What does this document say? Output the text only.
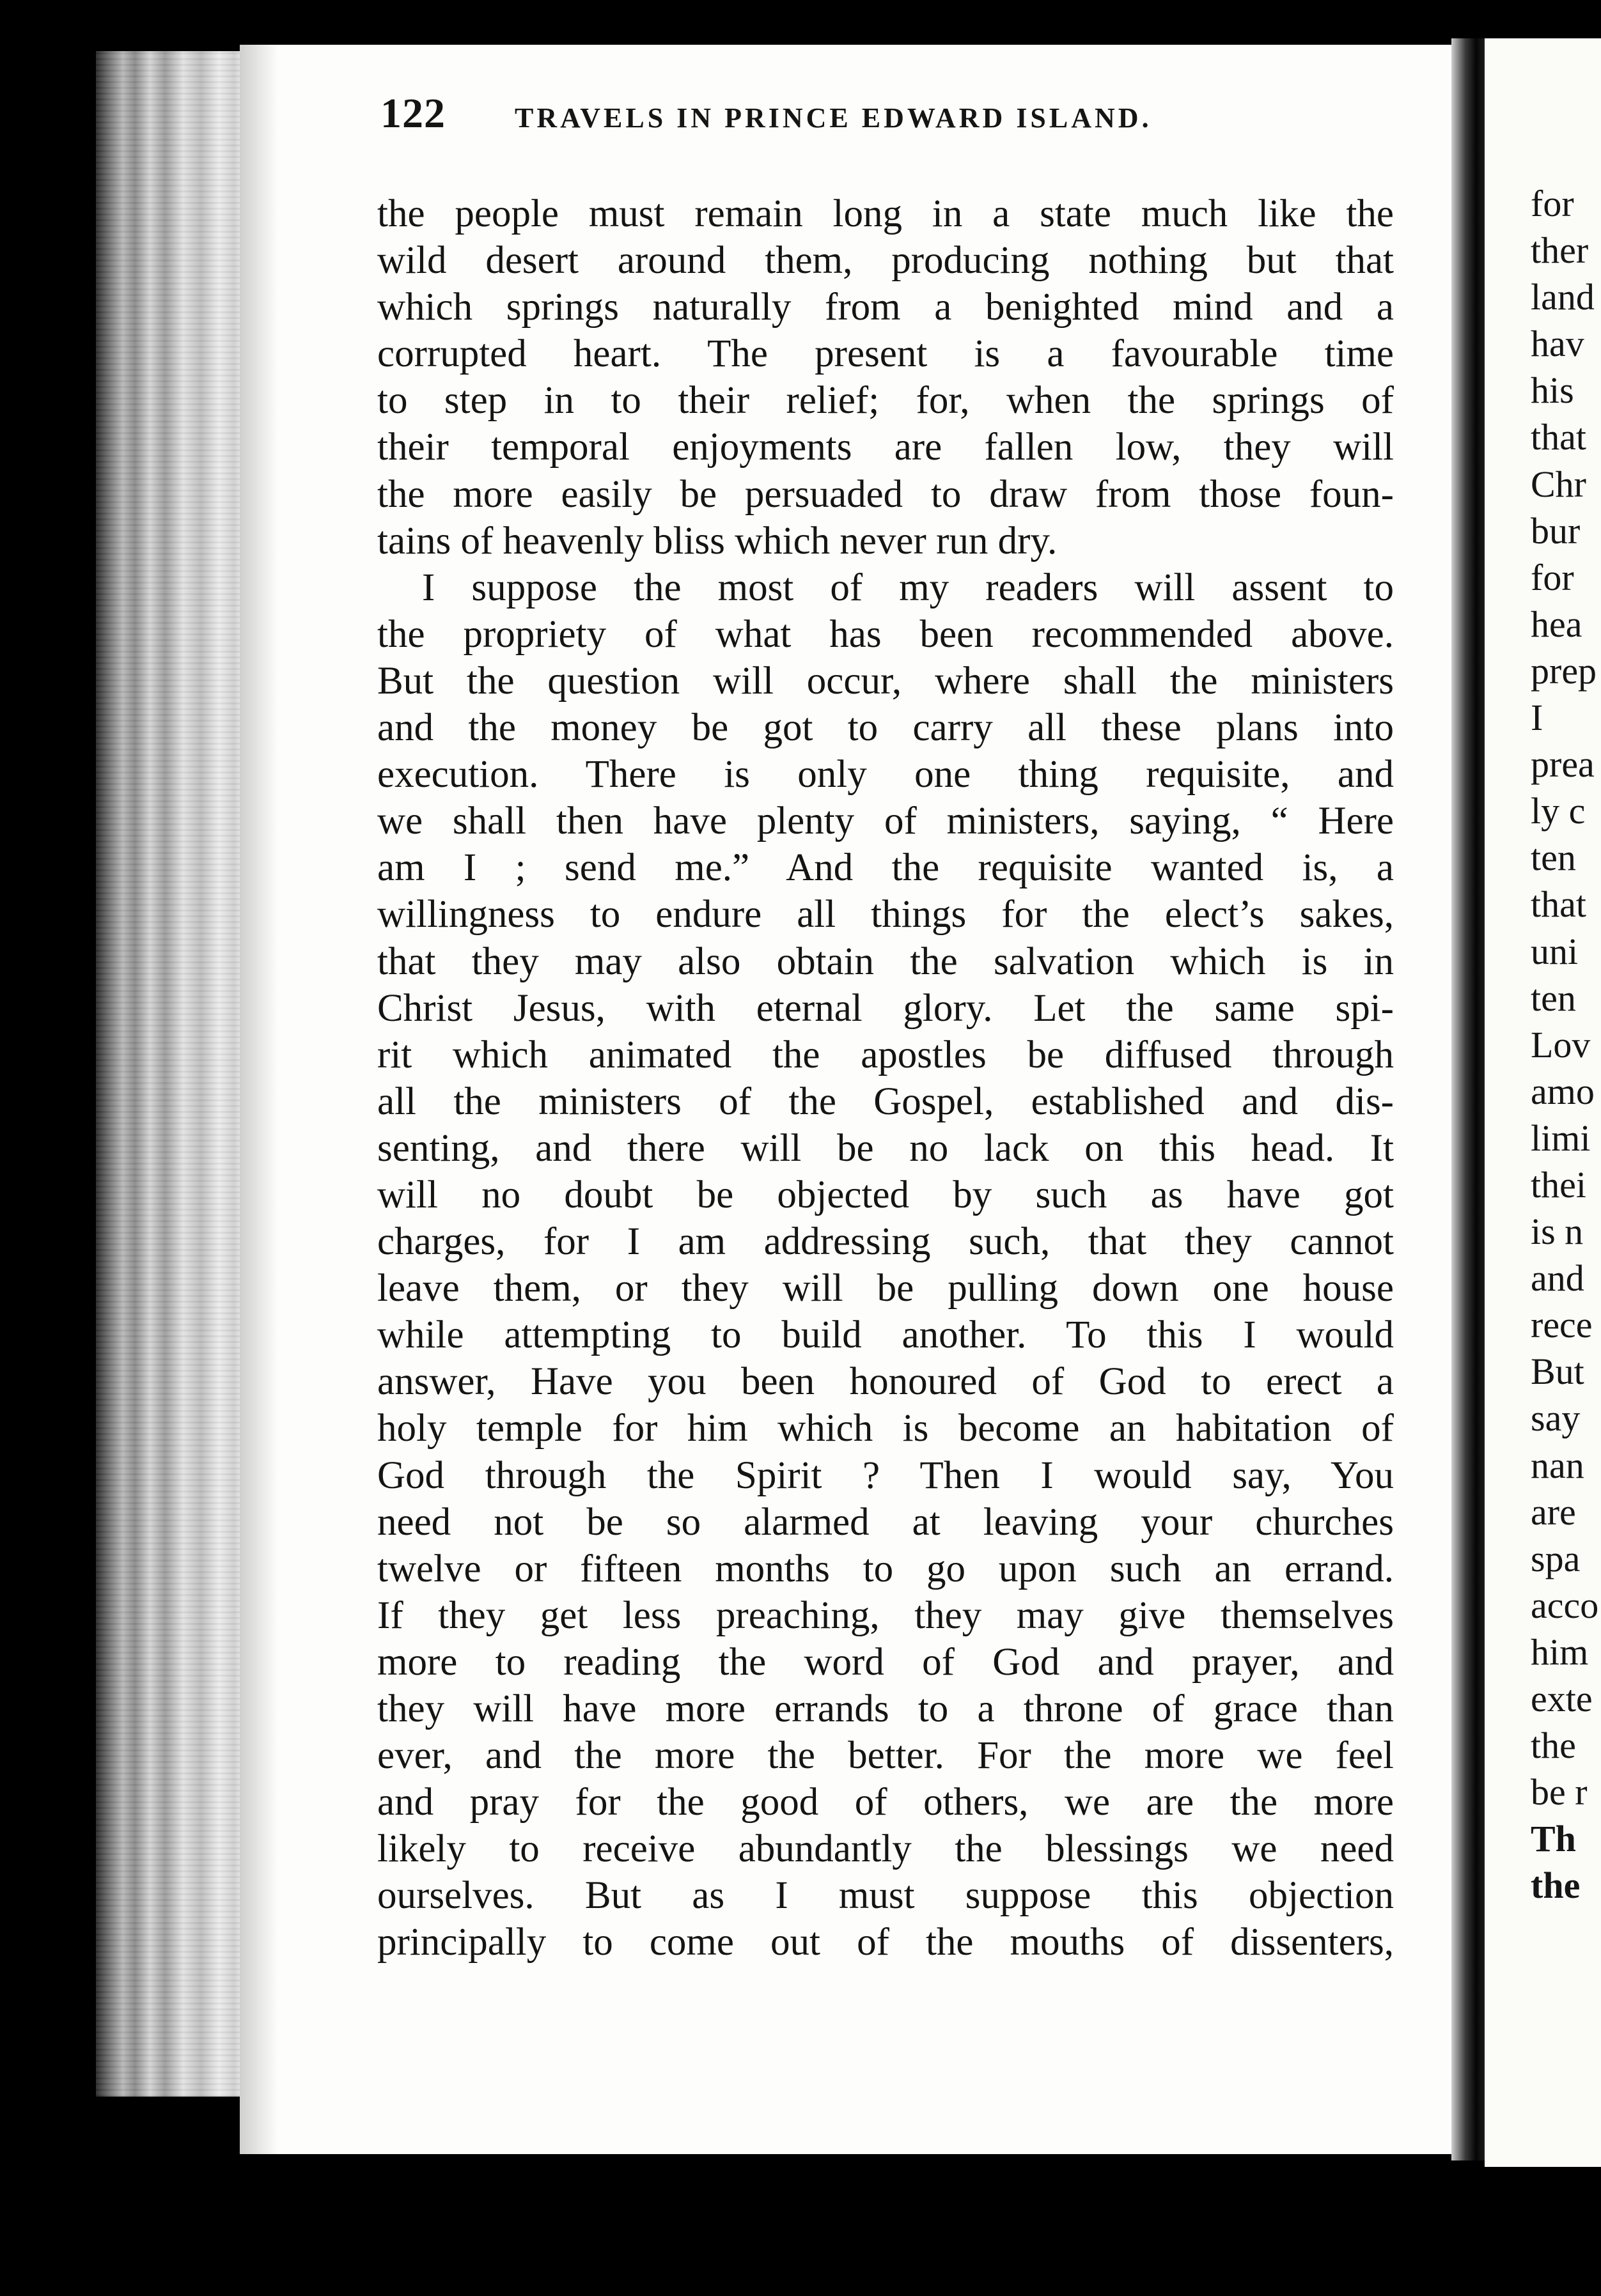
122 TRAVELS IN PRINCE EDWARD ISLAND.
the people must remain long in a state much like the
wild desert around them, producing nothing but that
which springs naturally from a benighted mind and a
corrupted heart. The present is a favourable time
to step in to their relief; for, when the springs of
their temporal enjoyments are fallen low, they will
the more easily be persuaded to draw from those foun-
tains of heavenly bliss which never run dry.
I suppose the most of my readers will assent to
the propriety of what has been recommended above.
But the question will occur, where shall the ministers
and the money be got to carry all these plans into
execution. There is only one thing requisite, and
we shall then have plenty of ministers, saying, “ Here
am I ; send me.” And the requisite wanted is, a
willingness to endure all things for the elect’s sakes,
that they may also obtain the salvation which is in
Christ Jesus, with eternal glory. Let the same spi-
rit which animated the apostles be diffused through
all the ministers of the Gospel, established and dis-
senting, and there will be no lack on this head. It
will no doubt be objected by such as have got
charges, for I am addressing such, that they cannot
leave them, or they will be pulling down one house
while attempting to build another. To this I would
answer, Have you been honoured of God to erect a
holy temple for him which is become an habitation of
God through the Spirit ? Then I would say, You
need not be so alarmed at leaving your churches
twelve or fifteen months to go upon such an errand.
If they get less preaching, they may give themselves
more to reading the word of God and prayer, and
they will have more errands to a throne of grace than
ever, and the more the better. For the more we feel
and pray for the good of others, we are the more
likely to receive abundantly the blessings we need
ourselves. But as I must suppose this objection
principally to come out of the mouths of dissenters,
for
ther
land
hav
his
that
Chr
bur
for
hea
prep
I
prea
ly c
ten
that
uni
ten
Lov
amo
limi
thei
is n
and
rece
But
say
nan
are
spa
acco
him
exte
the
be r
Th
the
